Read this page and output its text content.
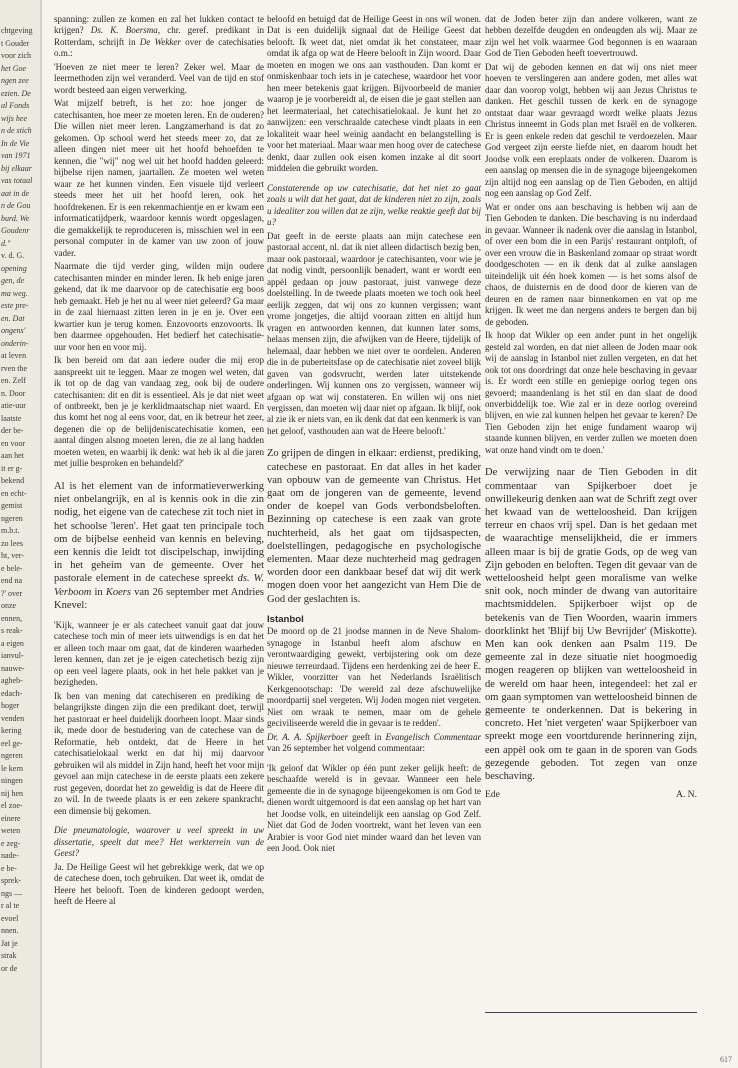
chtgeving
t Gouder
voor zich
het Goe
ngen zee
ezien. De
al Fonds
wijs hee
n de stich
In de Vie
van 1971
bij elkaar
vas totaal
aat in de
n de Gou
burd. We
Goudenr
d."
v. d. G.
opening
gen, de
ma weg.
este pre-
en. Dat
ongens'
onderin-
at leven
rven the
en. Zelf
n. Door
atie-uur
laatste
der be-
en voor
aan het
it er g-
bekend
en echt-
gemist
ngeren
m.b.t.
zo lees
ht, ver-
e bele-
end na
?' over
onze
ennen,
s reak-
a eigen
ianvul-
nauwe-
agheb-
edach-
hoger
venden
kering
eel ge-
ngeren
le kern
ningen
nij hen
el zoe-
einere
weten
e zeg-
nade-
e be-
sprek-
ngs —
r al te
evoel
nnen.
Jat je
strak
or de

spanning: zullen ze komen en zal het lukken contact te krijgen? Ds. K. Boersma, chr. geref. predikant in Rotterdam, schrijft in De Wekker over de catechisaties o.m.:

'Hoeven ze niet meer te leren? Zeker wel. Maar de leermethoden zijn wel veranderd. Veel van de tijd en stof wordt besteed aan eigen verwerking.

Wat mijzelf betreft, is het zo: hoe jonger de catechisanten, hoe meer ze moeten leren. En de ouderen? Die willen niet meer leren. Langzamerhand is dat zo gekomen. Op school werd het steeds meer zo, dat ze alleen dingen niet meer uit het hoofd behoefden te kennen, die "wij" nog wel uit het hoofd hadden geleerd: bijbelse rijen namen, jaartallen. Ze moeten wel weten waar ze het kunnen vinden. Een visuele tijd verleert steeds meer het uit het hoofd leren, ook het hoofdrekenen. Er is een rekenmachientje en er kwam een informaticatijdperk, waardoor kennis wordt opgeslagen, die gemakkelijk te reproduceren is, misschien wel in een personal computer in de kamer van uw zoon of jouw vader.

Naarmate die tijd verder ging, wilden mijn oudere catechisanten minder en minder leren. Ik heb enige jaren gekend, dat ik me daarvoor op de catechisatie erg boos heb gemaakt. Heb je het nu al weer niet geleerd? Ga maar in de zaal hiernaast zitten leren in je en je. Over een kwartier kun je terug komen. Enzovoorts enzovoorts. Ik ben daarmee opgehouden. Het bedierf het catechisatie-uur voor hen en voor mij.

Ik ben bereid om dat aan iedere ouder die mij erop aanspreekt uit te leggen. Maar ze mogen wel weten, dat ik tot op de dag van vandaag zeg, ook bij de oudere catechisanten: dit en dit is essentieel. Als je dat niet weet of ontbreekt, ben je je kerklidmaatschap niet waard. En dus komt het nog al eens voor, dat, en ik betreur het zeer, degenen die op de belijdeniscatechisatie komen, een aantal dingen alsnog moeten leren, die ze al lang hadden moeten weten, en waarbij ik denk: wat heb ik al die jaren met jullie besproken en behandeld?'

Al is het element van de informatieverwerking niet onbelangrijk, en al is kennis ook in die zin nodig, het eigene van de catechese zit toch niet in het schoolse 'leren'. Het gaat ten principale toch om de bijbelse eenheid van kennis en beleving, een kennis die leidt tot discipelschap, inwijding in het geheim van de gemeente. Over het pastorale element in de catechese spreekt ds. W. Verboom in Koers van 26 september met Andries Knevel:

'Kijk, wanneer je er als catecheet vanuit gaat dat jouw catechese toch min of meer iets uitwendigs is en dat het er alleen toch maar om gaat, dat de kinderen waarheden leren kennen, dan zet je je eigen catechetisch bezig zijn op een veel lagere plaats, ook in het hele pakket van je bezigheden.

Ik ben van mening dat catechiseren en prediking de belangrijkste dingen zijn die een predikant doet, terwijl het pastoraat er heel duidelijk doorheen loopt. Maar sinds ik, mede door de bestudering van de catechese van de Reformatie, heb ontdekt, dat de Heere in het catechisatielokaal werkt en dat hij mij daarvoor gebruiken wil als middel in Zijn hand, heeft het voor mijn gevoel aan mijn catechese in de eerste plaats een zekere rust gegeven, doordat het zo geweldig is dat de Heere dit zo wil. In de tweede plaats is er een zekere spankracht, een dimensie bij gekomen.

Die pneumatologie, waarover u veel spreekt in uw dissertatie, speelt dat mee? Het werkterrein van de Geest?

Ja. De Heilige Geest wil het gebrekkige werk, dat we op de catechese doen, toch gebruiken. Dat weet ik, omdat de Heere het belooft. Toen de kinderen gedoopt werden, heeft de Heere al

beloofd en betuigd dat de Heilige Geest in ons wil wonen. Dat is een duidelijk signaal dat de Heilige Geest dat belooft. Ik weet dat, niet omdat ik het constateer, maar omdat ik afga op wat de Heere belooft in Zijn woord. Daar moeten en mogen we ons aan vasthouden. Dan komt er onmiskenbaar toch iets in je catechese, waardoor het voor hen meer betekenis gaat krijgen. Bijvoorbeeld de manier waarop je je voorbereidt al, de eisen die je gaat stellen aan het leermateriaal, het catechisatielokaal. Je kunt het zo aanwijzen: een verschraalde catechese vindt plaats in een lokaliteit waar heel weinig aandacht en belangstelling is voor het materiaal. Maar waar men hoog over de catechese denkt, daar zullen ook eisen komen inzake al dit soort middelen die gebruikt worden.

Constaterende op uw catechisatie, dat het niet zo gaat zoals u wilt dat het gaat, dat de kinderen niet zo zijn, zoals u idealiter zou willen dat ze zijn, welke reaktie geeft dat bij u?

Dat geeft in de eerste plaats aan mijn catechese een pastoraal accent, nl. dat ik niet alleen didactisch bezig ben, maar ook pastoraal, waardoor je catechisanten, voor wie je dat nodig vindt, persoonlijk benadert, want er wordt een appèl gedaan op jouw pastoraat, juist vanwege deze doelstelling. In de tweede plaats moeten we toch ook heel eerlijk zeggen, dat wij ons zo kunnen vergissen; want vrome jongetjes, die altijd vooraan zitten en altijd hun vragen en antwoorden kennen, dat kunnen later soms, helaas mensen zijn, die afwijken van de Heere, tijdelijk of helemaal, daar hebben we niet over te oordelen. Anderen die in de puberteitsfase op de catechisatie niet zoveel blijk gaven van godsvrucht, werden later uitstekende onderlingen. Wij kunnen ons zo vergissen, wanneer wij afgaan op wat wij constateren. En willen wij ons niet vergissen, dan moeten wij daar niet op afgaan. Ik blijf, ook al zie ik er niets van, en ik denk dat dat een kenmerk is van het geloof, vasthouden aan wat de Heere belooft.'

Zo grijpen de dingen in elkaar: erdienst, prediking, catechese en pastoraat. En dat alles in het kader van opbouw van de gemeente van Christus. Het gaat om de jongeren van de gemeente, levend onder de koepel van Gods verbondsbeloften. Bezinning op catechese is een zaak van grote nuchterheid, als het gaat om tijdsaspecten, doelstellingen, pedagogische en psychologische elementen. Maar deze nuchterheid mag gedragen worden door een dankbaar besef dat wij dit werk mogen doen voor het aangezicht van Hem Die de God der geslachten is.

Istanbol

De moord op de 21 joodse mannen in de Neve Shalom-synagoge in Istanbul heeft alom afschuw en verontwaardiging gewekt, verbijstering ook om deze nieuwe terreurdaad. Tijdens een herdenking zei de heer E. Wikler, voorzitter van het Nederlands Israëlitisch Kerkgenootschap: 'De wereld zal deze afschuwelijke moordpartij snel vergeten. Wij Joden mogen niet vergeten. Niet om wraak te nemen, maar om de gehele geciviliseerde wereld die in gevaar is te redden'.

Dr. A. A. Spijkerboer geeft in Evangelisch Commentaar van 26 september het volgend commentaar:

'Ik geloof dat Wikler op één punt zeker gelijk heeft: de beschaafde wereld is in gevaar. Wanneer een hele gemeente die in de synagoge bijeengekomen is om God te dienen wordt uitgemoord is dat een aanslag op het hart van het Joodse volk, en uiteindelijk een aanslag op God Zelf. Niet dat God de Joden voortrekt, want het leven van een Arabier is voor God niet minder waard dan het leven van een Jood. Ook niet

dat de Joden beter zijn dan andere volkeren, want ze hebben dezelfde deugden en ondeugden als wij. Maar ze zijn wel het volk waarmee God begonnen is en waaraan God de Tien Geboden heeft toevertrouwd.

Dat wij de geboden kennen en dat wij ons niet meer hoeven te verslingeren aan andere goden, met alles wat daar dan voorop volgt, hebben wij aan Jezus Christus te danken. Het geschil tussen de kerk en de synagoge ontstaat daar waar gevraagd wordt welke plaats Jezus Christus inneemt in Gods plan met Israël en de volkeren. Er is geen enkele reden dat geschil te verdoezelen. Maar God vergeet zijn eerste liefde niet, en daarom houdt het Joodse volk een ereplaats onder de volkeren. Daarom is een aanslag op mensen die in de synagoge bijeengekomen zijn altijd nog een aanslag op de Tien Geboden, en altijd nog een aanslag op God Zelf.

Wat er onder ons aan beschaving is hebben wij aan de Tien Geboden te danken. Die beschaving is nu inderdaad in gevaar. Wanneer ik nadenk over die aanslag in Istanbol, of over een bom die in een Parijs' restaurant ontploft, of over een vrouw die in Baskenland zomaar op straat wordt doodgeschoten — en ik denk dat al zulke aanslagen uiteindelijk uit één hoek komen — is het soms alsof de chaos, de duisternis en de dood door de kieren van de deuren en de ramen naar binnenkomen en vat op me krijgen. Ik weet me dan nergens anders te bergen dan bij de geboden.

Ik hoop dat Wikler op een ander punt in het ongelijk gesteld zal worden, en dat niet alleen de Joden maar ook wij de aanslag in Istanbol niet zullen vergeten, en dat het ook tot ons doordringt dat onze hele beschaving in gevaar is. Er wordt een stille en geniepige oorlog tegen ons gevoerd; maandenlang is het stil en dan slaat de dood onverbiddelijk toe. Wie zal er in deze oorlog overeind blijven, en wie zal kunnen helpen het gevaar te keren? De Tien Geboden zijn het enige fundament waarop wij staande kunnen blijven, en verder zullen we moeten doen wat onze hand vindt om te doen.'

De verwijzing naar de Tien Geboden in dit commentaar van Spijkerboer doet je onwillekeurig denken aan wat de Schrift zegt over het kwaad van de wetteloosheid. Dan krijgen terreur en chaos vrij spel. Dan is het gedaan met de waarachtige menselijkheid, die er immers alleen maar is bij de gratie Gods, op de weg van Zijn geboden en beloften. Tegen dit gevaar van de wetteloosheid helpt geen moralisme van welke snit ook, noch minder de dwang van autoritaire machtsmiddelen. Spijkerboer wijst op de betekenis van de Tien Woorden, waarin immers doorklinkt het 'Blijf bij Uw Bevrijder' (Miskotte). Men kan ook denken aan Psalm 119. De gemeente zal in deze situatie niet hoogmoedig mogen reageren op blijken van wetteloosheid in de wereld om haar heen, integendeel: het zal er om gaan symptomen van wetteloosheid binnen de gemeente te onderkennen. Dat is bekering in concreto. Het 'niet vergeten' waar Spijkerboer van spreekt moge een voortdurende herinnering zijn, een appèl ook om te gaan in de sporen van Gods gezegende geboden. Tot zegen van onze beschaving.

Ede	A. N.
617
